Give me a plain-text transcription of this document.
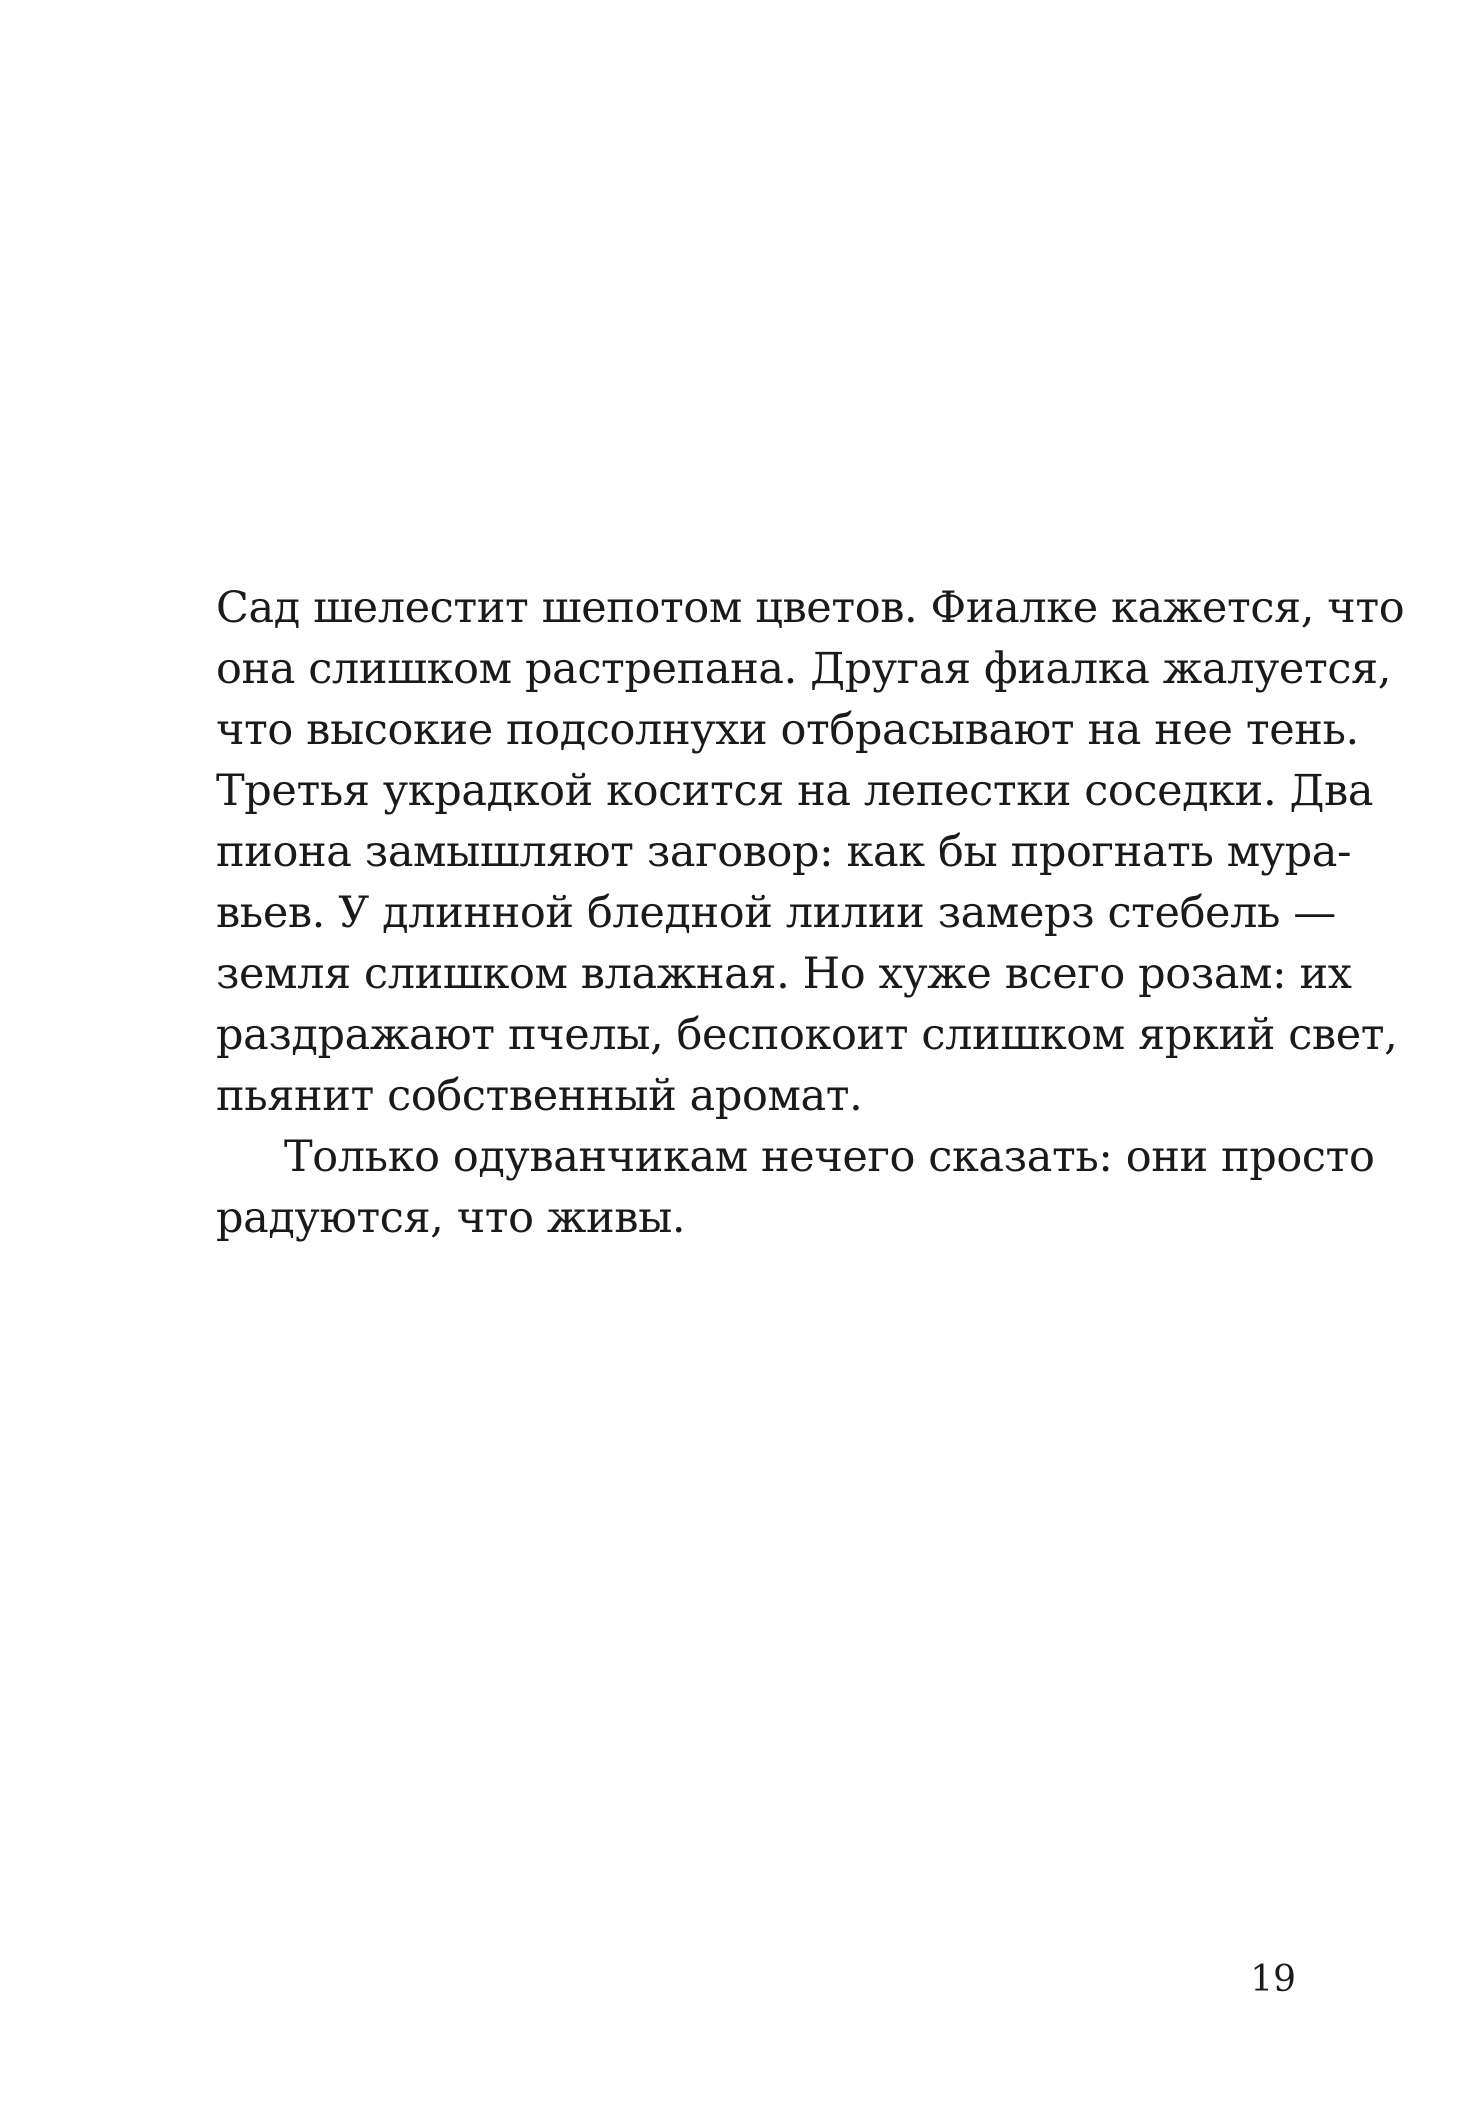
Сад шелестит шепотом цветов. Фиалке кажется, что
она слишком растрепана. Другая фиалка жалуется,
что высокие подсолнухи отбрасывают на нее тень.
Третья украдкой косится на лепестки соседки. Два
пиона замышляют заговор: как бы прогнать мура-
вьев. У длинной бледной лилии замерз стебель —
земля слишком влажная. Но хуже всего розам: их
раздражают пчелы, беспокоит слишком яркий свет,
пьянит собственный аромат.
Только одуванчикам нечего сказать: они просто
радуются, что живы.
19
